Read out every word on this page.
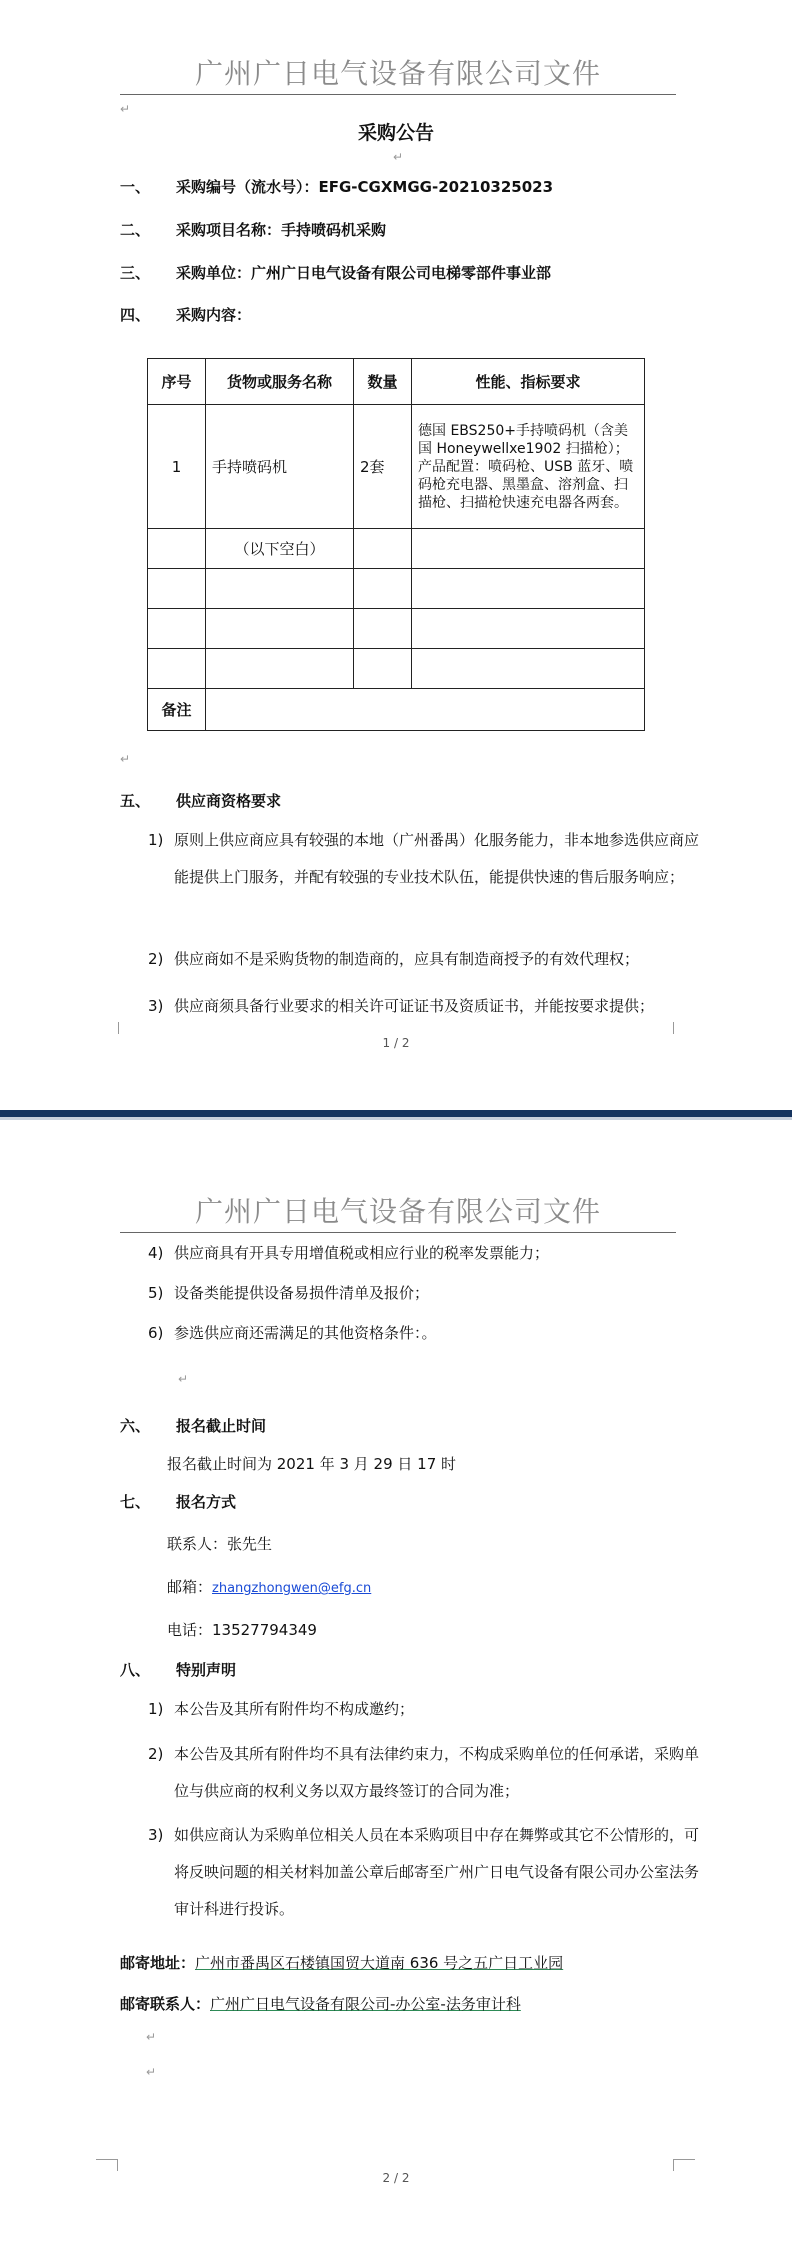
广州广日电气设备有限公司文件
↵
采购公告
↵
一、 采购编号（流水号）：EFG-CGXMGG-20210325023
二、 采购项目名称：手持喷码机采购
三、 采购单位：广州广日电气设备有限公司电梯零部件事业部
四、 采购内容：
序号	货物或服务名称	数量	性能、指标要求
1	手持喷码机	2套	德国 EBS250+手持喷码机（含美国 Honeywellxe1902 扫描枪）；产品配置：喷码枪、USB 蓝牙、喷码枪充电器、黑墨盒、溶剂盒、扫描枪、扫描枪快速充电器各两套。
	（以下空白）		

备注			
↵
五、 供应商资格要求
1) 原则上供应商应具有较强的本地（广州番禺）化服务能力，非本地参选供应商应能提供上门服务，并配有较强的专业技术队伍，能提供快速的售后服务响应；
2) 供应商如不是采购货物的制造商的，应具有制造商授予的有效代理权；
3) 供应商须具备行业要求的相关许可证证书及资质证书，并能按要求提供；
1 / 2
广州广日电气设备有限公司文件
4) 供应商具有开具专用增值税或相应行业的税率发票能力；
5) 设备类能提供设备易损件清单及报价；
6) 参选供应商还需满足的其他资格条件：。
↵
六、 报名截止时间
报名截止时间为 2021 年 3 月 29 日 17 时
七、 报名方式
联系人：张先生
邮箱：zhangzhongwen@efg.cn
电话：13527794349
八、 特别声明
1) 本公告及其所有附件均不构成邀约；
2) 本公告及其所有附件均不具有法律约束力，不构成采购单位的任何承诺，采购单位与供应商的权利义务以双方最终签订的合同为准；
3) 如供应商认为采购单位相关人员在本采购项目中存在舞弊或其它不公情形的，可将反映问题的相关材料加盖公章后邮寄至广州广日电气设备有限公司办公室法务审计科进行投诉。
邮寄地址：广州市番禺区石楼镇国贸大道南 636 号之五广日工业园
邮寄联系人：广州广日电气设备有限公司-办公室-法务审计科
↵
↵
2 / 2
